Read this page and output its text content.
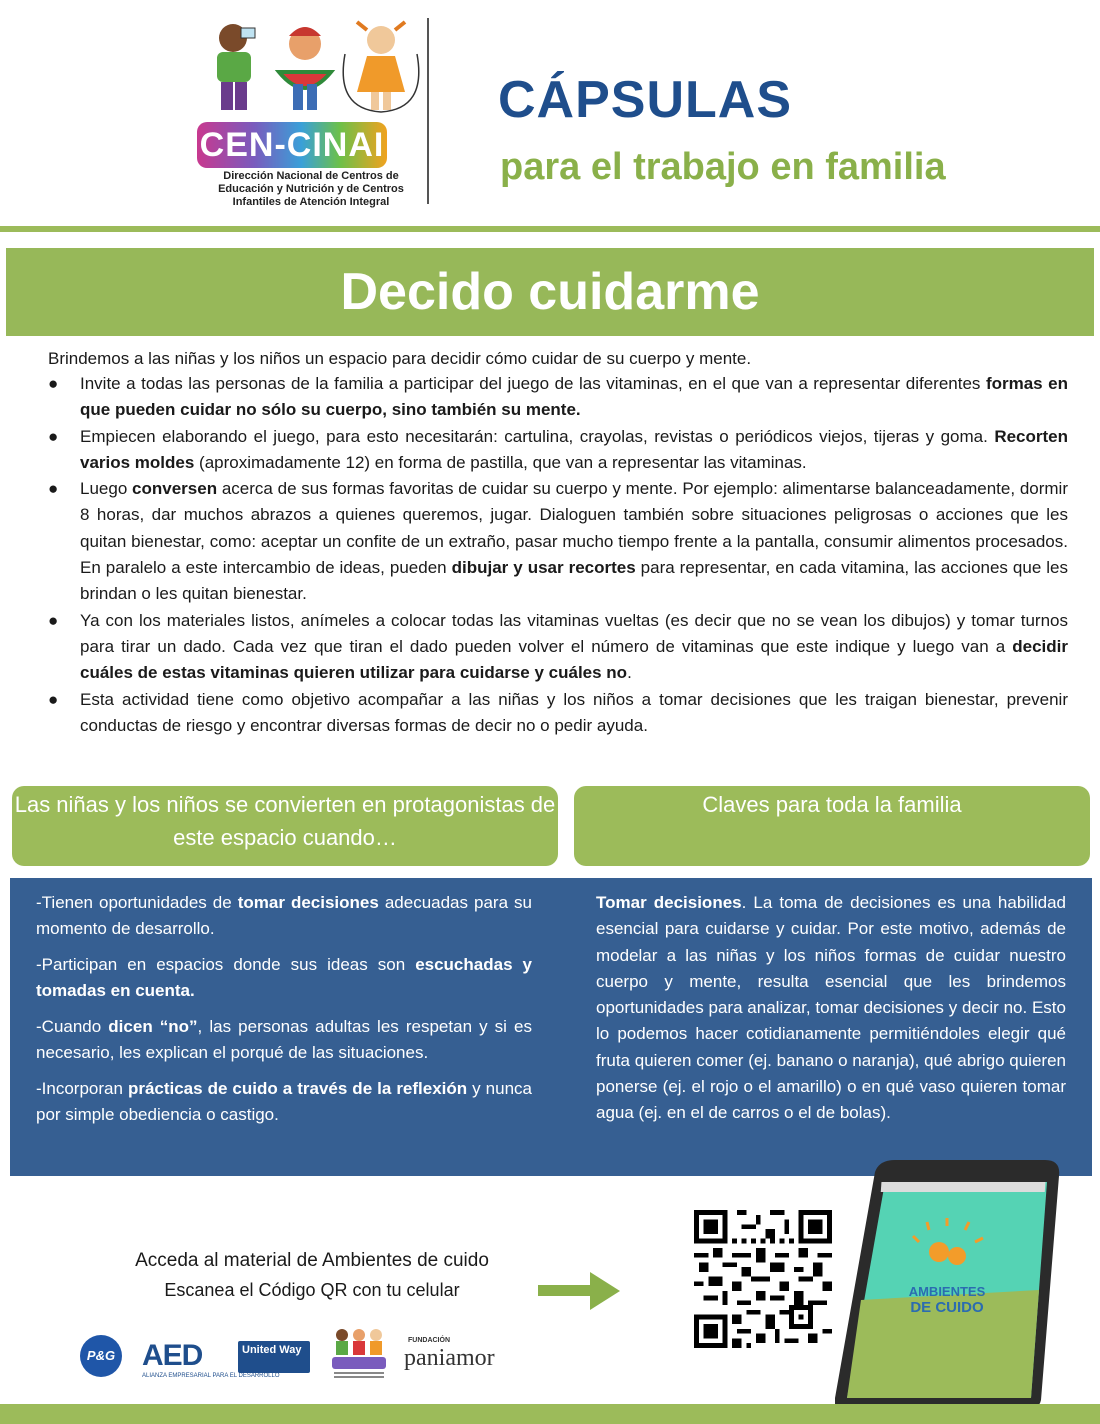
CEN-CINAI
Dirección Nacional de Centros de Educación y Nutrición y de Centros Infantiles de Atención Integral
CÁPSULAS
para el trabajo en familia
Decido cuidarme
Brindemos a las niñas y los niños un espacio para decidir cómo cuidar de su cuerpo y mente.
● Invite a todas las personas de la familia a participar del juego de las vitaminas, en el que van a representar diferentes formas en que pueden cuidar no sólo su cuerpo, sino también su mente.
● Empiecen elaborando el juego, para esto necesitarán: cartulina, crayolas, revistas o periódicos viejos, tijeras y goma. Recorten varios moldes (aproximadamente 12) en forma de pastilla, que van a representar las vitaminas.
● Luego conversen acerca de sus formas favoritas de cuidar su cuerpo y mente. Por ejemplo: alimentarse balanceadamente, dormir 8 horas, dar muchos abrazos a quienes queremos, jugar. Dialoguen también sobre situaciones peligrosas o acciones que les quitan bienestar, como: aceptar un confite de un extraño, pasar mucho tiempo frente a la pantalla, consumir alimentos procesados. En paralelo a este intercambio de ideas, pueden dibujar y usar recortes para representar, en cada vitamina, las acciones que les brindan o les quitan bienestar.
● Ya con los materiales listos, anímeles a colocar todas las vitaminas vueltas (es decir que no se vean los dibujos) y tomar turnos para tirar un dado. Cada vez que tiran el dado pueden volver el número de vitaminas que este indique y luego van a decidir cuáles de estas vitaminas quieren utilizar para cuidarse y cuáles no.
● Esta actividad tiene como objetivo acompañar a las niñas y los niños a tomar decisiones que les traigan bienestar, prevenir conductas de riesgo y encontrar diversas formas de decir no o pedir ayuda.
Las niñas y los niños se convierten en protagonistas de este espacio cuando…
Claves para toda la familia

-Tienen oportunidades de tomar decisiones adecuadas para su momento de desarrollo.

-Participan en espacios donde sus ideas son escuchadas y tomadas en cuenta.

-Cuando dicen “no”, las personas adultas les respetan y si es necesario, les explican el porqué de las situaciones.

-Incorporan prácticas de cuido a través de la reflexión y nunca por simple obediencia o castigo.

Tomar decisiones. La toma de decisiones es una habilidad esencial para cuidarse y cuidar. Por este motivo, además de modelar a las niñas y los niños formas de cuidar nuestro cuerpo y mente, resulta esencial que les brindemos oportunidades para analizar, tomar decisiones y decir no. Esto lo podemos hacer cotidianamente permitiéndoles elegir qué fruta quieren comer (ej. banano o naranja), qué abrigo quieren ponerse (ej. el rojo o el amarillo) o en qué vaso quieren tomar agua (ej. en el de carros o el de bolas).
Acceda al material de Ambientes de cuido
Escanea el Código QR con tu celular	AMBIENTES
DE CUIDO
P&G AED
ALIANZA EMPRESARIAL PARA EL DESARROLLO
United Way
FUNDACIÓN
paniamor
